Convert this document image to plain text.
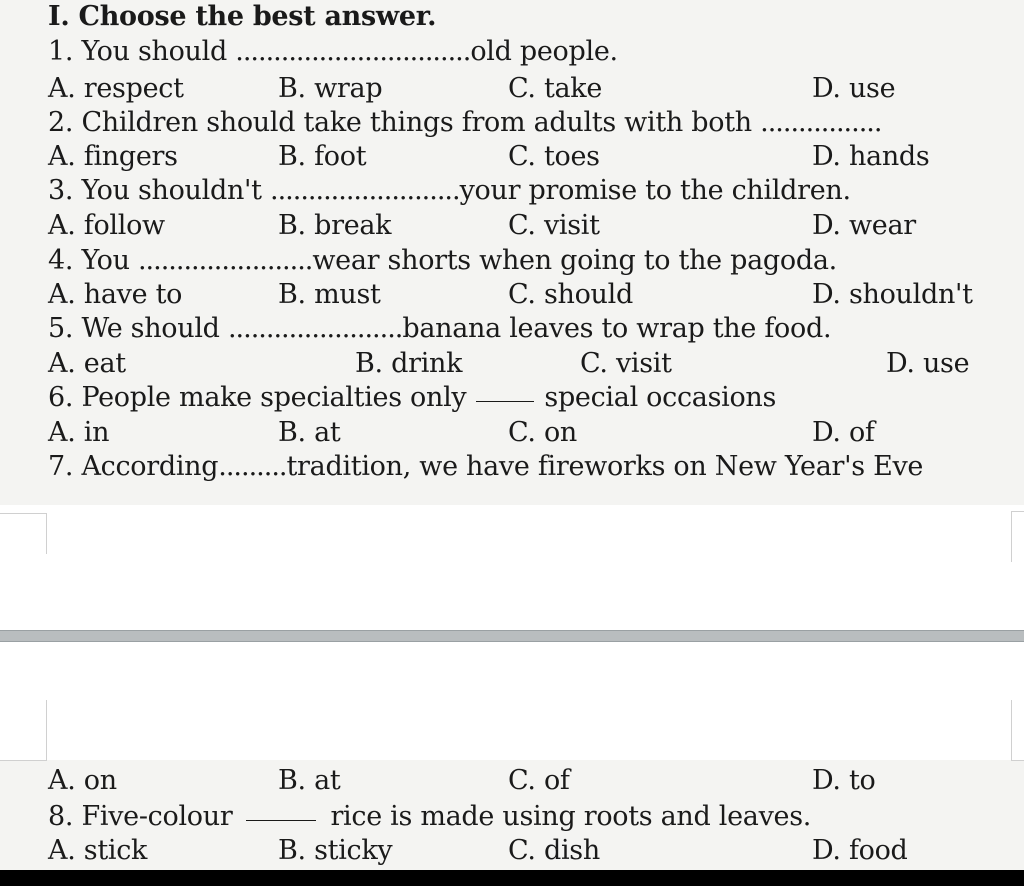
I. Choose the best answer.
1. You should ...............................old people.
A. respect	B. wrap	C. take	D. use
2. Children should take things from adults with both ................
A. fingers	B. foot	C. toes	D. hands
3. You shouldn't .........................your promise to the children.
A. follow	B. break	C. visit	D. wear
4. You .......................wear shorts when going to the pagoda.
A. have to	B. must	C. should	D. shouldn't
5. We should .......................banana leaves to wrap the food.
A. eat	B. drink	C. visit	D. use
6. People make specialties only	special occasions
A. in	B. at	C. on	D. of
7. According.........tradition, we have fireworks on New Year's Eve
A. on	B. at	C. of	D. to
8. Five-colour	rice is made using roots and leaves.
A. stick	B. sticky	C. dish	D. food
